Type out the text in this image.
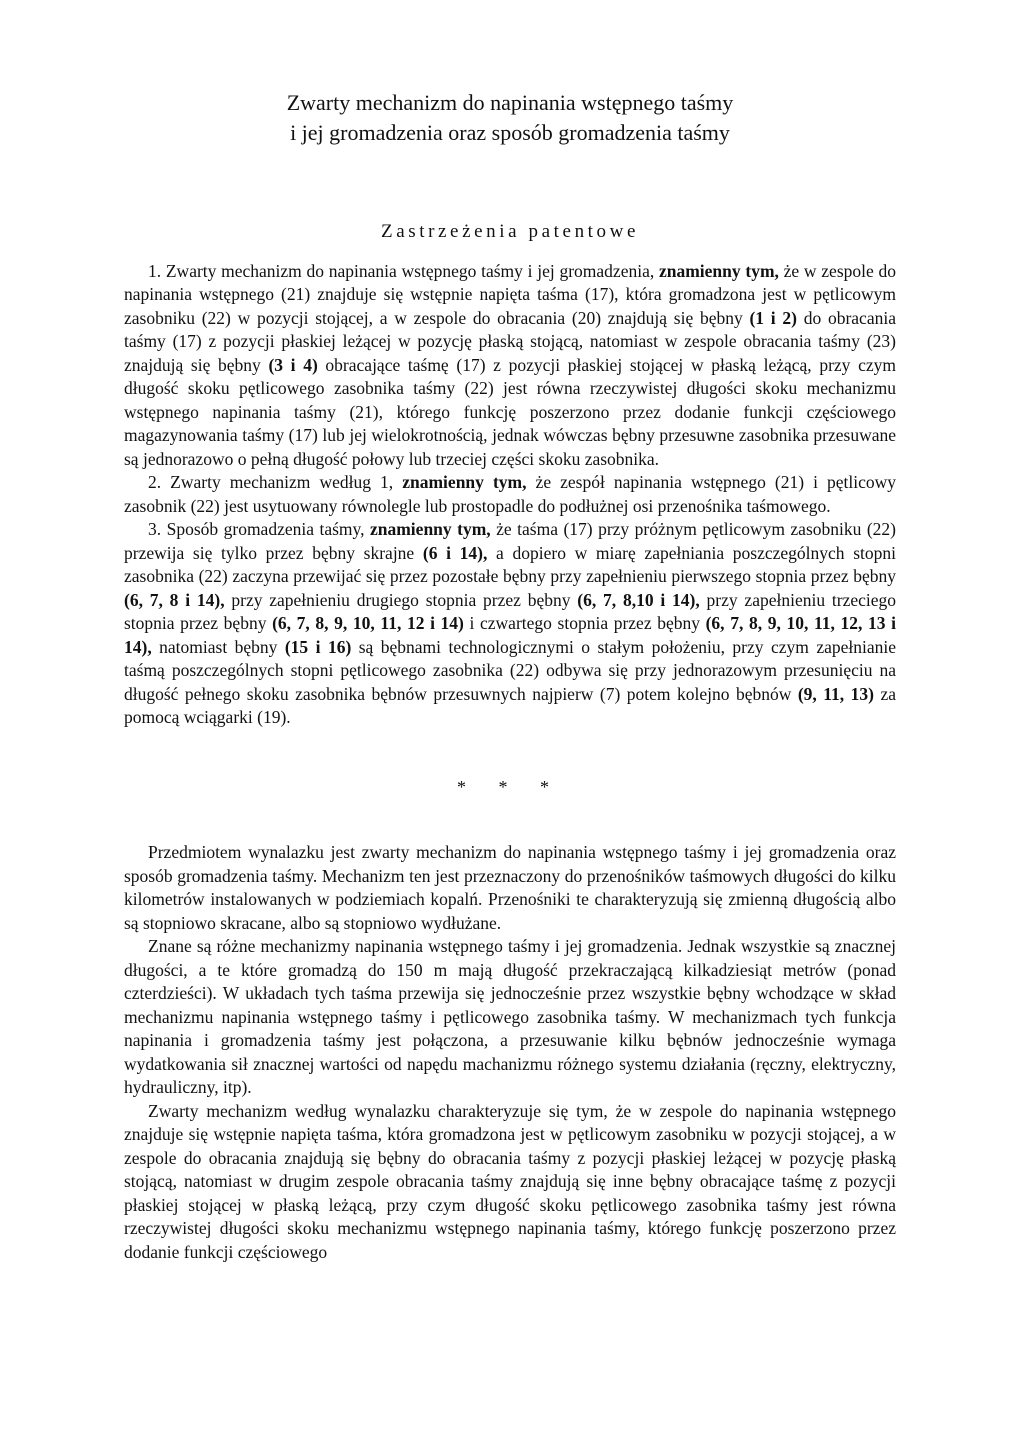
Zwarty mechanizm do napinania wstępnego taśmy
i jej gromadzenia oraz sposób gromadzenia taśmy
Zastrzeżenia patentowe

1. Zwarty mechanizm do napinania wstępnego taśmy i jej gromadzenia, znamienny tym, że w zespole do napinania wstępnego (21) znajduje się wstępnie napięta taśma (17), która gromadzona jest w pętlicowym zasobniku (22) w pozycji stojącej, a w zespole do obracania (20) znajdują się bębny (1 i 2) do obracania taśmy (17) z pozycji płaskiej leżącej w pozycję płaską stojącą, natomiast w zespole obracania taśmy (23) znajdują się bębny (3 i 4) obracające taśmę (17) z pozycji płaskiej stojącej w płaską leżącą, przy czym długość skoku pętlicowego zasobnika taśmy (22) jest równa rzeczywistej długości skoku mechanizmu wstępnego napinania taśmy (21), którego funkcję poszerzono przez dodanie funkcji częściowego magazynowania taśmy (17) lub jej wielokrotnością, jednak wówczas bębny przesuwne zasobnika przesuwane są jednorazowo o pełną długość połowy lub trzeciej części skoku zasobnika.

2. Zwarty mechanizm według 1, znamienny tym, że zespół napinania wstępnego (21) i pętlicowy zasobnik (22) jest usytuowany równolegle lub prostopadle do podłużnej osi przenośnika taśmowego.

3. Sposób gromadzenia taśmy, znamienny tym, że taśma (17) przy próżnym pętlicowym zasobniku (22) przewija się tylko przez bębny skrajne (6 i 14), a dopiero w miarę zapełniania poszczególnych stopni zasobnika (22) zaczyna przewijać się przez pozostałe bębny przy zapełnieniu pierwszego stopnia przez bębny (6, 7, 8 i 14), przy zapełnieniu drugiego stopnia przez bębny (6, 7, 8,10 i 14), przy zapełnieniu trzeciego stopnia przez bębny (6, 7, 8, 9, 10, 11, 12 i 14) i czwartego stopnia przez bębny (6, 7, 8, 9, 10, 11, 12, 13 i 14), natomiast bębny (15 i 16) są bębnami technologicznymi o stałym położeniu, przy czym zapełnianie taśmą poszczególnych stopni pętlicowego zasobnika (22) odbywa się przy jednorazowym przesunięciu na długość pełnego skoku zasobnika bębnów przesuwnych najpierw (7) potem kolejno bębnów (9, 11, 13) za pomocą wciągarki (19).

* * *

Przedmiotem wynalazku jest zwarty mechanizm do napinania wstępnego taśmy i jej gromadzenia oraz sposób gromadzenia taśmy. Mechanizm ten jest przeznaczony do przenośników taśmowych długości do kilku kilometrów instalowanych w podziemiach kopalń. Przenośniki te charakteryzują się zmienną długością albo są stopniowo skracane, albo są stopniowo wydłużane.

Znane są różne mechanizmy napinania wstępnego taśmy i jej gromadzenia. Jednak wszystkie są znacznej długości, a te które gromadzą do 150 m mają długość przekraczającą kilkadziesiąt metrów (ponad czterdzieści). W układach tych taśma przewija się jednocześnie przez wszystkie bębny wchodzące w skład mechanizmu napinania wstępnego taśmy i pętlicowego zasobnika taśmy. W mechanizmach tych funkcja napinania i gromadzenia taśmy jest połączona, a przesuwanie kilku bębnów jednocześnie wymaga wydatkowania sił znacznej wartości od napędu machanizmu różnego systemu działania (ręczny, elektryczny, hydrauliczny, itp).

Zwarty mechanizm według wynalazku charakteryzuje się tym, że w zespole do napinania wstępnego znajduje się wstępnie napięta taśma, która gromadzona jest w pętlicowym zasobniku w pozycji stojącej, a w zespole do obracania znajdują się bębny do obracania taśmy z pozycji płaskiej leżącej w pozycję płaską stojącą, natomiast w drugim zespole obracania taśmy znajdują się inne bębny obracające taśmę z pozycji płaskiej stojącej w płaską leżącą, przy czym długość skoku pętlicowego zasobnika taśmy jest równa rzeczywistej długości skoku mechanizmu wstępnego napinania taśmy, którego funkcję poszerzono przez dodanie funkcji częściowego
